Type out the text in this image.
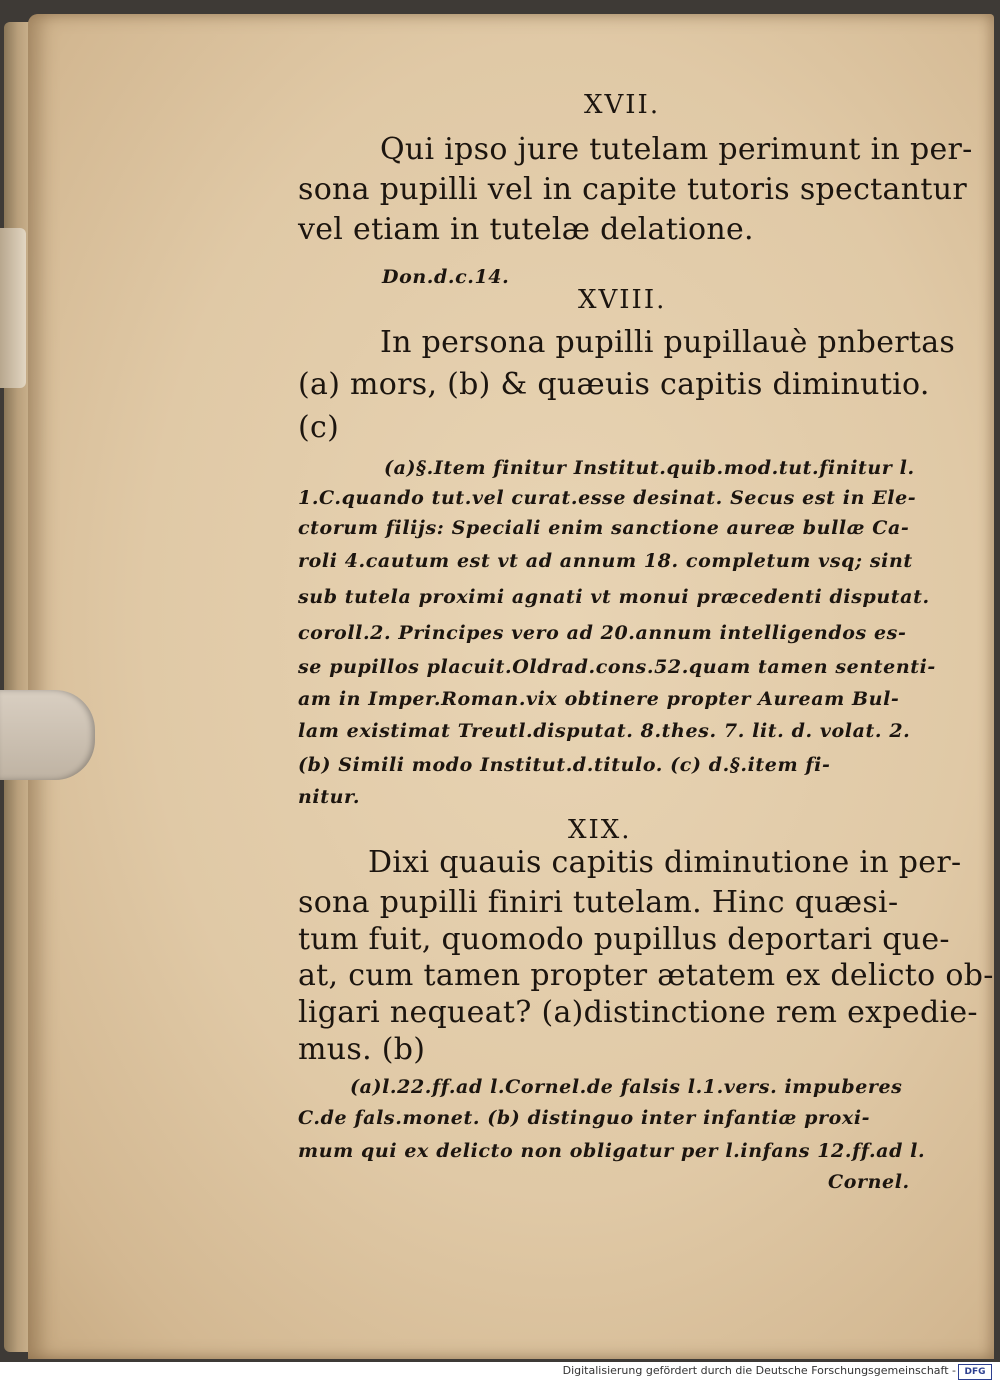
XVII.

Qui ipso jure tutelam perimunt in per-

sona pupilli vel in capite tutoris spectantur

vel etiam in tutelæ delatione.

Don.d.c.14.

XVIII.

In persona pupilli pupillauè pnbertas

(a) mors, (b) & quæuis capitis diminutio.

(c)

(a)§.Item finitur Institut.quib.mod.tut.finitur l.

1.C.quando tut.vel curat.esse desinat. Secus est in Ele-

ctorum filijs: Speciali enim sanctione aureæ bullæ Ca-

roli 4.cautum est vt ad annum 18. completum vsq; sint

sub tutela proximi agnati vt monui præcedenti disputat.

coroll.2. Principes vero ad 20.annum intelligendos es-

se pupillos placuit.Oldrad.cons.52.quam tamen sententi-

am in Imper.Roman.vix obtinere propter Auream Bul-

lam existimat Treutl.disputat. 8.thes. 7. lit. d. volat. 2.

(b) Simili modo Institut.d.titulo. (c) d.§.item fi-

nitur.

XIX.

Dixi quauis capitis diminutione in per-

sona pupilli finiri tutelam. Hinc quæsi-

tum fuit, quomodo pupillus deportari que-

at, cum tamen propter ætatem ex delicto ob-

ligari nequeat? (a)distinctione rem expedie-

mus. (b)

(a)l.22.ff.ad l.Cornel.de falsis l.1.vers. impuberes

C.de fals.monet. (b) distinguo inter infantiæ proxi-

mum qui ex delicto non obligatur per l.infans 12.ff.ad l.

Cornel.

Digitalisierung gefördert durch die Deutsche Forschungsgemeinschaft - DFG
